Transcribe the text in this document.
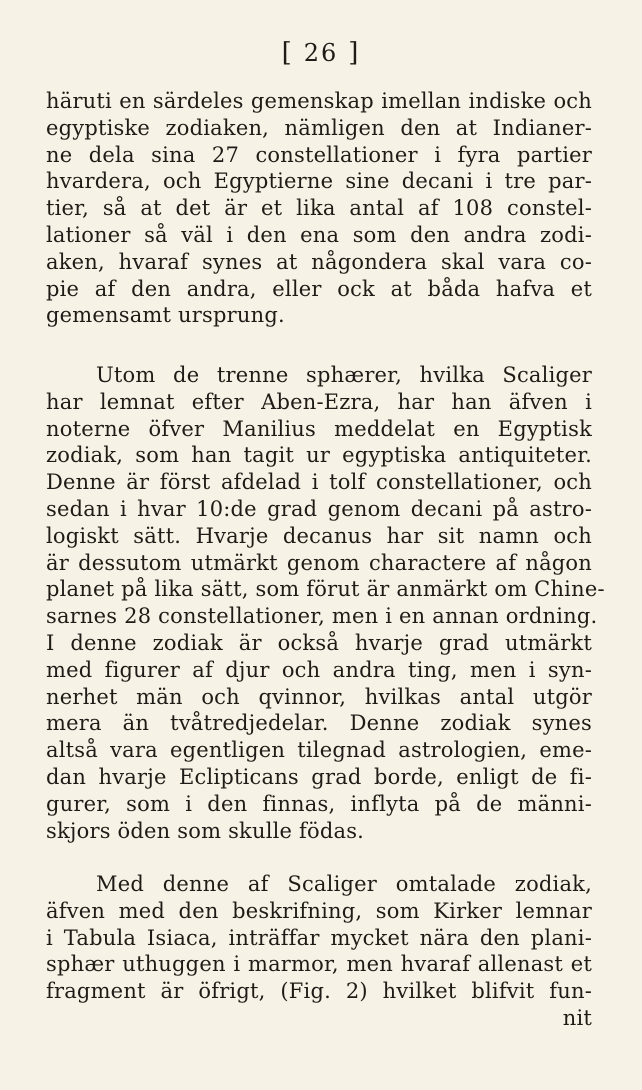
[ 26 ]
häruti en särdeles gemenskap imellan indiske och
egyptiske zodiaken, nämligen den at Indianer-
ne dela sina 27 constellationer i fyra partier
hvardera, och Egyptierne sine decani i tre par-
tier, så at det är et lika antal af 108 constel-
lationer så väl i den ena som den andra zodi-
aken, hvaraf synes at någondera skal vara co-
pie af den andra, eller ock at båda hafva et
gemensamt ursprung.
Utom de trenne sphærer, hvilka Scaliger
har lemnat efter Aben-Ezra, har han äfven i
noterne öfver Manilius meddelat en Egyptisk
zodiak, som han tagit ur egyptiska antiquiteter.
Denne är först afdelad i tolf constellationer, och
sedan i hvar 10:de grad genom decani på astro-
logiskt sätt. Hvarje decanus har sit namn och
är dessutom utmärkt genom charactere af någon
planet på lika sätt, som förut är anmärkt om Chine-
sarnes 28 constellationer, men i en annan ordning.
I denne zodiak är också hvarje grad utmärkt
med figurer af djur och andra ting, men i syn-
nerhet män och qvinnor, hvilkas antal utgör
mera än tvåtredjedelar. Denne zodiak synes
altså vara egentligen tilegnad astrologien, eme-
dan hvarje Eclipticans grad borde, enligt de fi-
gurer, som i den finnas, inflyta på de männi-
skjors öden som skulle födas.
Med denne af Scaliger omtalade zodiak,
äfven med den beskrifning, som Kirker lemnar
i Tabula Isiaca, inträffar mycket nära den plani-
sphær uthuggen i marmor, men hvaraf allenast et
fragment är öfrigt, (Fig. 2) hvilket blifvit fun-
nit
